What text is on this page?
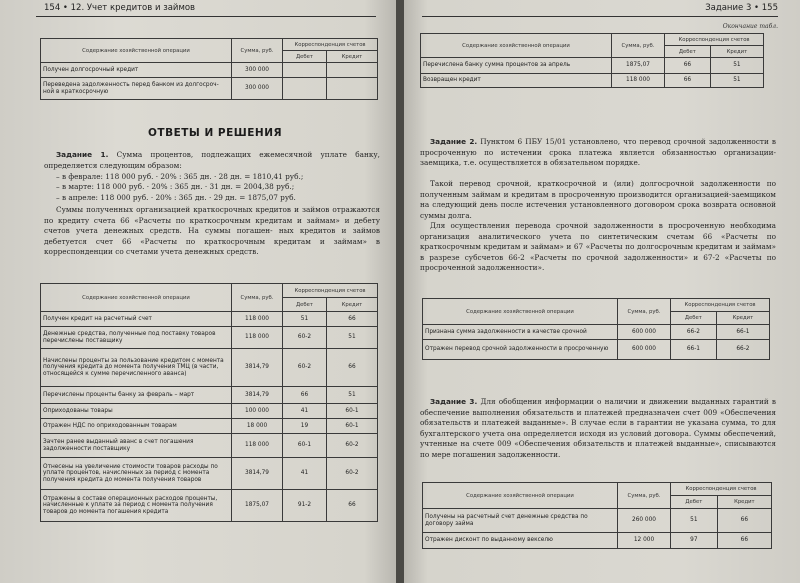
154 • 12. Учет кредитов и займов
Содержание хозяйственной операции	Сумма, руб.	Корреспонденция счетов	
		Дебет	Кредит
Получен долгосрочный кредит	300 000		
Переведена задолженность перед банком из долгосроч- ной в краткосрочную	300 000		
ОТВЕТЫ И РЕШЕНИЯ

Задание 1. Сумма процентов, подлежащих ежемесячной уплате банку, определяется следующим образом:

– в феврале: 118 000 руб. · 20% : 365 дн. · 28 дн. = 1810,41 руб.;
– в марте: 118 000 руб. · 20% : 365 дн. · 31 дн. = 2004,38 руб.;
– в апреле: 118 000 руб. · 20% : 365 дн. · 29 дн. = 1875,07 руб.

Суммы полученных организацией краткосрочных кредитов и займов отражаются по кредиту счета 66 «Расчеты по краткосрочным кредитам и займам» и дебету счетов учета денежных средств. На суммы погашен- ных кредитов и займов дебетуется счет 66 «Расчеты по краткосрочным кредитам и займам» в корреспонденции со счетами учета денежных средств.

Содержание хозяйственной операции	Сумма, руб.	Корреспонденция счетов	
		Дебет	Кредит
Получен кредит на расчетный счет	118 000	51	66
Денежные средства, полученные под поставку товаров перечислены поставщику	118 000	60-2	51
Начислены проценты за пользование кредитом с момента получения кредита до момента получения ТМЦ (в части, относящейся к сумме перечисленного аванса)	3814,79	60-2	66
Перечислены проценты банку за февраль – март	3814,79	66	51
Оприходованы товары	100 000	41	60-1
Отражен НДС по оприходованным товарам	18 000	19	60-1
Зачтен ранее выданный аванс в счет погашения задолженности поставщику	118 000	60-1	60-2
Отнесены на увеличение стоимости товаров расходы по уплате процентов, начисленных за период с момента получения кредита до момента получения товаров	3814,79	41	60-2
Отражены в составе операционных расходов проценты, начисленные к уплате за период с момента получения товаров до момента погашения кредита	1875,07	91-2	66
Задание 3 • 155
Окончание табл.
Содержание хозяйственной операции	Сумма, руб.	Корреспонденция счетов	
		Дебет	Кредит
Перечислена банку сумма процентов за апрель	1875,07	66	51
Возвращен кредит	118 000	66	51

Задание 2. Пунктом 6 ПБУ 15/01 установлено, что перевод срочной задолженности в просроченную по истечении срока платежа является обязанностью организации-заемщика, т.е. осуществляется в обязательном порядке.

Такой перевод срочной, краткосрочной и (или) долгосрочной задолженности по полученным займам и кредитам в просроченную производится организацией-заемщиком на следующий день после истечения установленного договором срока возврата основной суммы долга.

Для осуществления перевода срочной задолженности в просроченную необходима организация аналитического учета по синтетическим счетам 66 «Расчеты по краткосрочным кредитам и займам» и 67 «Расчеты по долгосрочным кредитам и займам» в разрезе субсчетов 66-2 «Расчеты по срочной задолженности» и 67-2 «Расчеты по просроченной задолженности».

Содержание хозяйственной операции	Сумма, руб.	Корреспонденция счетов	
		Дебет	Кредит
Признана сумма задолженности в качестве срочной	600 000	66-2	66-1
Отражен перевод срочной задолженности в просроченную	600 000	66-1	66-2

Задание 3. Для обобщения информации о наличии и движении выданных гарантий в обеспечение выполнения обязательств и платежей предназначен счет 009 «Обеспечения обязательств и платежей выданные». В случае если в гарантии не указана сумма, то для бухгалтерского учета она определяется исходя из условий договора. Суммы обеспечений, учтенные на счете 009 «Обеспечения обязательств и платежей выданные», списываются по мере погашения задолженности.

Содержание хозяйственной операции	Сумма, руб.	Корреспонденция счетов	
		Дебет	Кредит
Получены на расчетный счет денежные средства по договору займа	260 000	51	66
Отражен дисконт по выданному векселю	12 000	97	66
